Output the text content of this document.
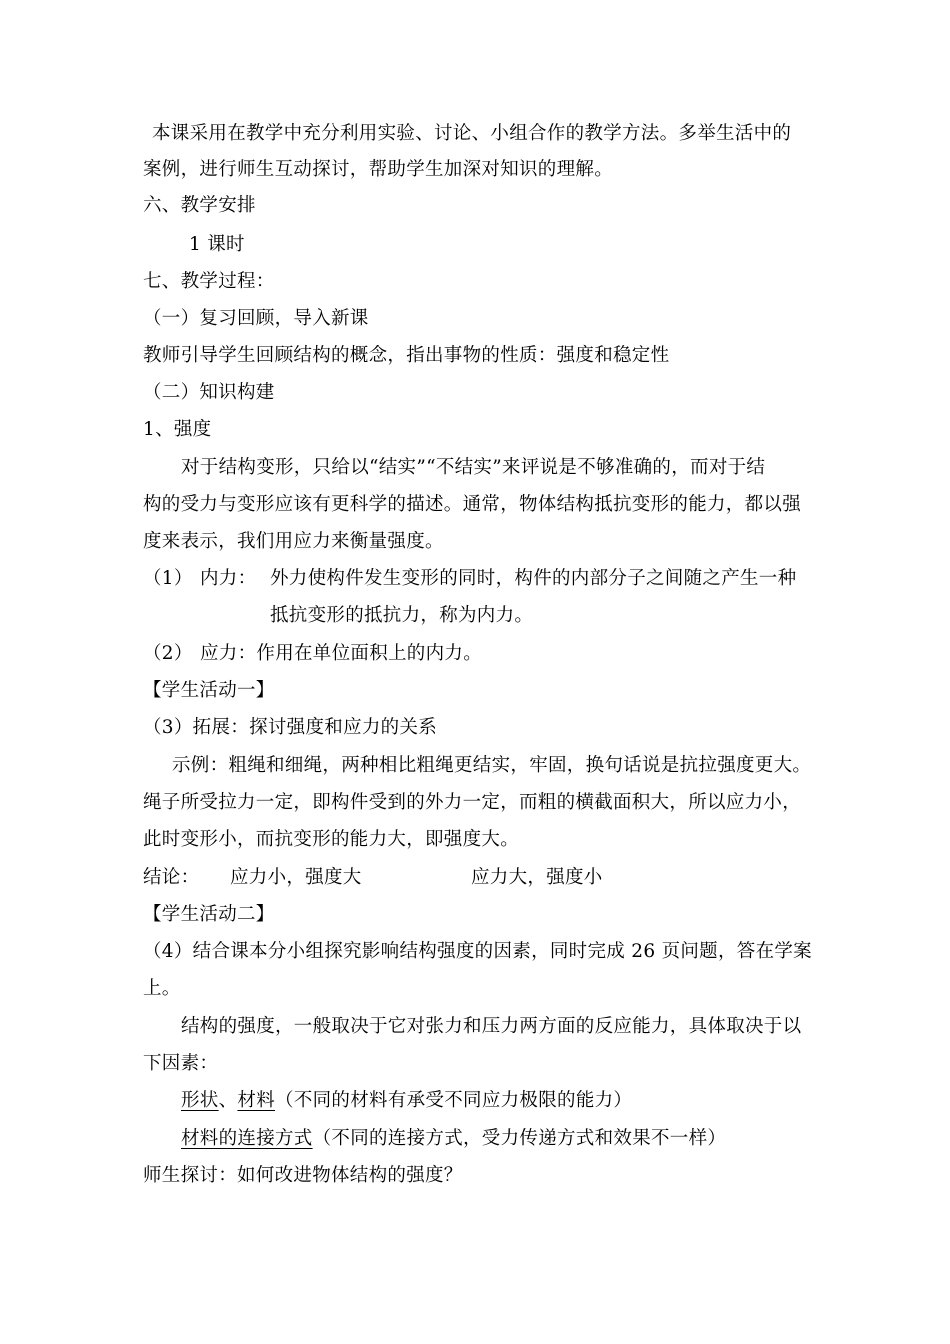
本课采用在教学中充分利用实验、讨论、小组合作的教学方法。多举生活中的
案例，进行师生互动探讨，帮助学生加深对知识的理解。
六、教学安排
1 课时
七、教学过程：
（一）复习回顾，导入新课
教师引导学生回顾结构的概念，指出事物的性质：强度和稳定性
（二）知识构建
1、强度
对于结构变形，只给以“结实”“不结实”来评说是不够准确的，而对于结
构的受力与变形应该有更科学的描述。通常，物体结构抵抗变形的能力，都以强
度来表示，我们用应力来衡量强度。
（1） 内力： 外力使构件发生变形的同时，构件的内部分子之间随之产生一种
抵抗变形的抵抗力，称为内力。
（2） 应力：作用在单位面积上的内力。
【学生活动一】
（3）拓展：探讨强度和应力的关系
示例：粗绳和细绳，两种相比粗绳更结实，牢固，换句话说是抗拉强度更大。
绳子所受拉力一定，即构件受到的外力一定，而粗的横截面积大，所以应力小，
此时变形小，而抗变形的能力大，即强度大。
结论： 应力小，强度大	应力大，强度小
【学生活动二】
（4）结合课本分小组探究影响结构强度的因素，同时完成 26 页问题，答在学案
上。
结构的强度，一般取决于它对张力和压力两方面的反应能力，具体取决于以
下因素：
形状、材料（不同的材料有承受不同应力极限的能力）
材料的连接方式（不同的连接方式，受力传递方式和效果不一样）
师生探讨：如何改进物体结构的强度？
